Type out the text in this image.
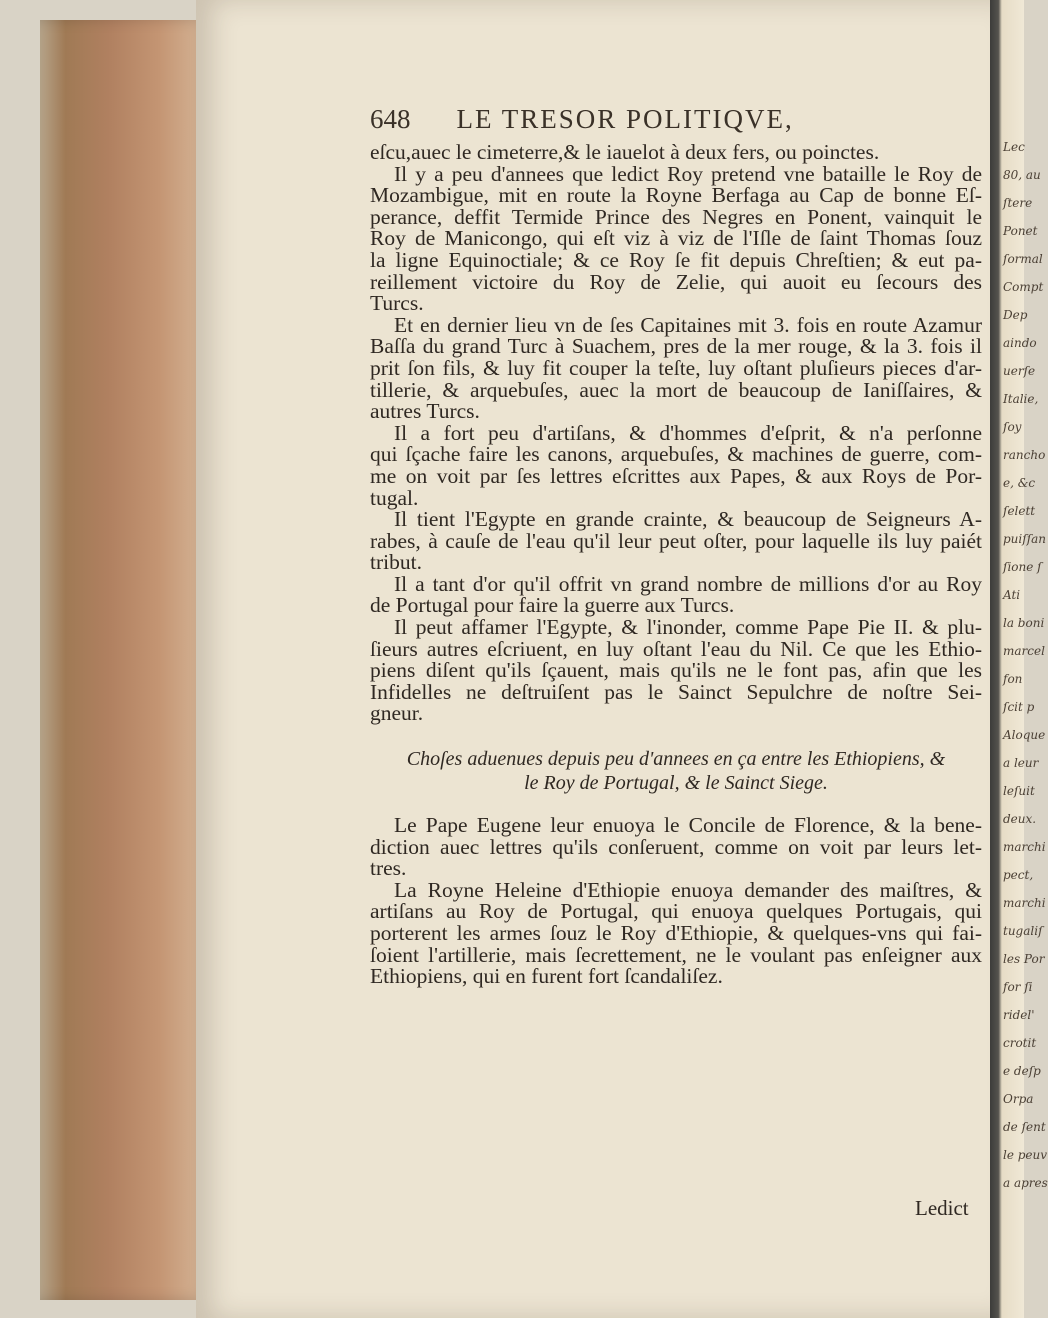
Lec
80, au
ſtere
Ponet
ſormal
Compt
Dep
aindo
uerſe
Italie,
ſoy
rancho
e, &c
ſelett
puiſſan
ſione ſ
Ati
la boni
marcel
fon
ſcit p
Aloque
a leur
leſuit
deux.
marchi
pect,
marchi
tugaliſ
les Por
for ſi
ridel'
crotit
e deſp
Orpa
de ſent
le peuv
a apres
648 LE TRESOR POLITIQVE,
eſcu,auec le cimeterre,& le iauelot à deux fers, ou poinctes.
Il y a peu d'annees que ledict Roy pretend vne bataille le Roy de
Mozambigue, mit en route la Royne Berfaga au Cap de bonne Eſ-
perance, deffit Termide Prince des Negres en Ponent, vainquit le
Roy de Manicongo, qui eſt viz à viz de l'Iſle de ſaint Thomas ſouz
la ligne Equinoctiale; & ce Roy ſe fit depuis Chreſtien; & eut pa-
reillement victoire du Roy de Zelie, qui auoit eu ſecours des
Turcs.
Et en dernier lieu vn de ſes Capitaines mit 3. fois en route Azamur
Baſſa du grand Turc à Suachem, pres de la mer rouge, & la 3. fois il
prit ſon fils, & luy fit couper la teſte, luy oſtant pluſieurs pieces d'ar-
tillerie, & arquebuſes, auec la mort de beaucoup de Ianiſſaires, &
autres Turcs.
Il a fort peu d'artiſans, & d'hommes d'eſprit, & n'a perſonne
qui ſçache faire les canons, arquebuſes, & machines de guerre, com-
me on voit par ſes lettres eſcrittes aux Papes, & aux Roys de Por-
tugal.
Il tient l'Egypte en grande crainte, & beaucoup de Seigneurs A-
rabes, à cauſe de l'eau qu'il leur peut oſter, pour laquelle ils luy paiét
tribut.
Il a tant d'or qu'il offrit vn grand nombre de millions d'or au Roy
de Portugal pour faire la guerre aux Turcs.
Il peut affamer l'Egypte, & l'inonder, comme Pape Pie II. & plu-
ſieurs autres eſcriuent, en luy oſtant l'eau du Nil. Ce que les Ethio-
piens diſent qu'ils ſçauent, mais qu'ils ne le font pas, afin que les
Infidelles ne deſtruiſent pas le Sainct Sepulchre de noſtre Sei-
gneur.
Choſes aduenues depuis peu d'annees en ça entre les Ethiopiens, &
le Roy de Portugal, & le Sainct Siege.
Le Pape Eugene leur enuoya le Concile de Florence, & la bene-
diction auec lettres qu'ils conſeruent, comme on voit par leurs let-
tres.
La Royne Heleine d'Ethiopie enuoya demander des maiſtres, &
artiſans au Roy de Portugal, qui enuoya quelques Portugais, qui
porterent les armes ſouz le Roy d'Ethiopie, & quelques-vns qui fai-
ſoient l'artillerie, mais ſecrettement, ne le voulant pas enſeigner aux
Ethiopiens, qui en furent fort ſcandaliſez.
Ledict
